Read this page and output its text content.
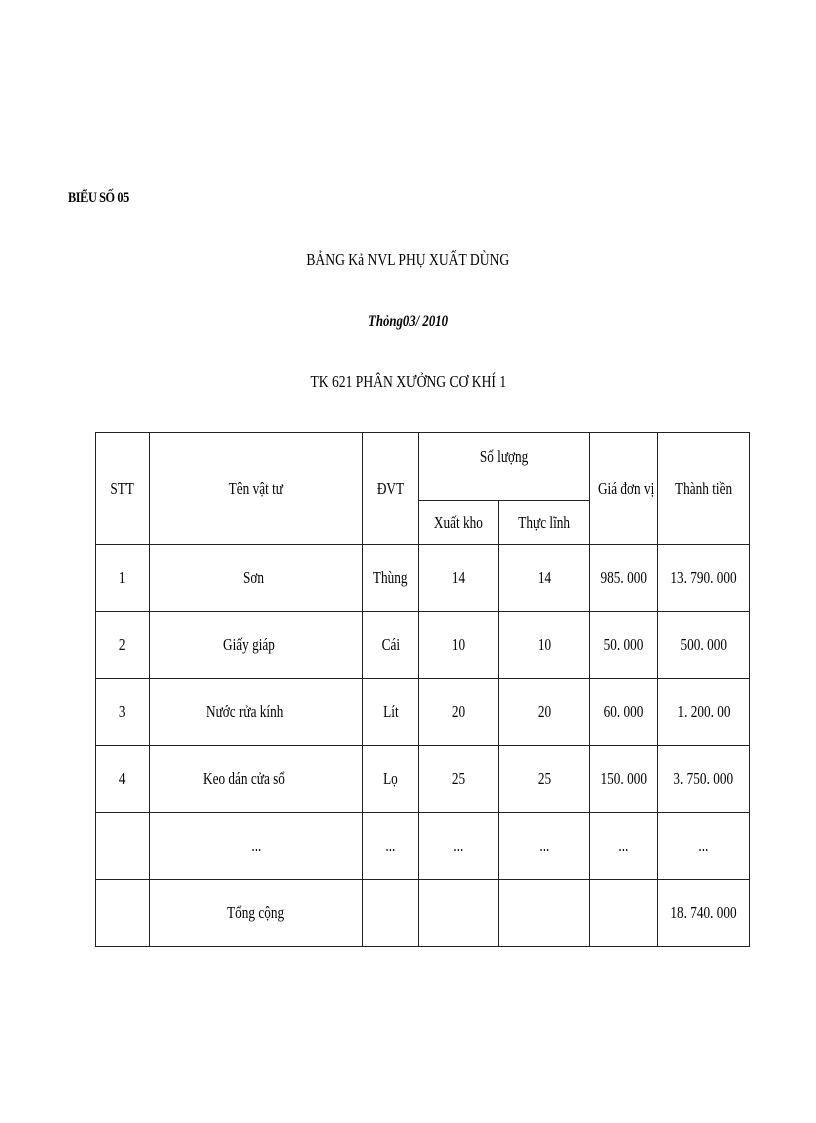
BIỂU SỐ 05
BẢNG Kả NVL PHỤ XUẤT DÙNG
Thỏng03/ 2010
TK 621 PHÂN XƯỞNG CƠ KHÍ 1
STT	Tên vật tư	ĐVT	Số lượng		Giá đơn vị	Thành tiền
			Xuất kho	Thực lĩnh		
1	Sơn	Thùng	14	14	985. 000	13. 790. 000
2	Giấy giáp	Cái	10	10	50. 000	500. 000
3	Nước rửa kính	Lít	20	20	60. 000	1. 200. 00
4	Keo dán cửa sổ	Lọ	25	25	150. 000	3. 750. 000
	...	...	...	...	...	...
	Tổng cộng					18. 740. 000
